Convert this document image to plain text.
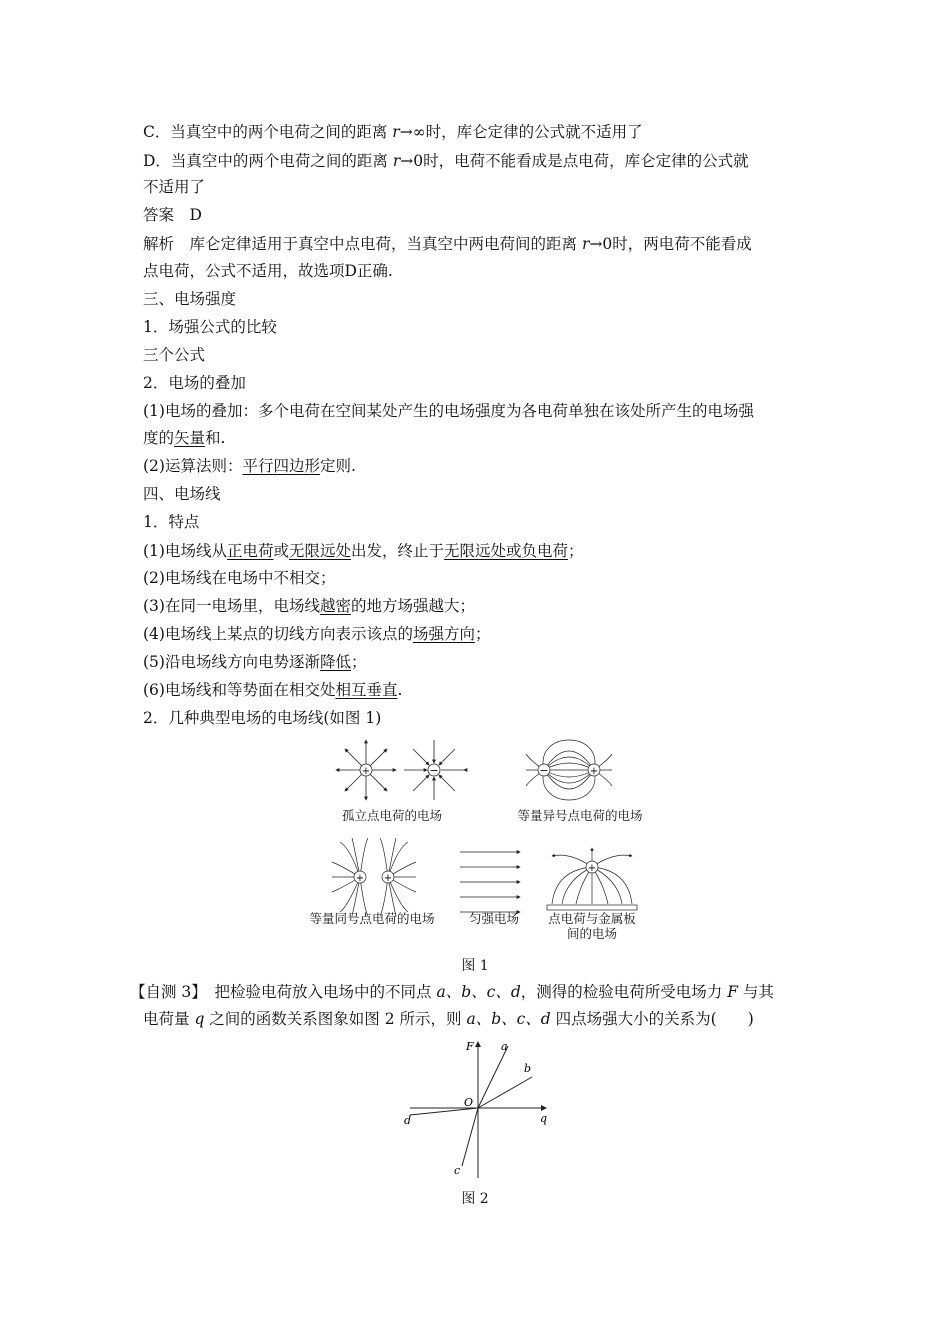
C．当真空中的两个电荷之间的距离 r→∞时，库仑定律的公式就不适用了
D．当真空中的两个电荷之间的距离 r→0时，电荷不能看成是点电荷，库仑定律的公式就
不适用了
答案　D
解析　库仑定律适用于真空中点电荷，当真空中两电荷间的距离 r→0时，两电荷不能看成
点电荷，公式不适用，故选项D正确.
三、电场强度
1．场强公式的比较
三个公式
2．电场的叠加
(1)电场的叠加：多个电荷在空间某处产生的电场强度为各电荷单独在该处所产生的电场强
度的矢量和.
(2)运算法则：平行四边形定则.
四、电场线
1．特点
(1)电场线从正电荷或无限远处出发，终止于无限远处或负电荷；
(2)电场线在电场中不相交；
(3)在同一电场里，电场线越密的地方场强越大；
(4)电场线上某点的切线方向表示该点的场强方向；
(5)沿电场线方向电势逐渐降低；
(6)电场线和等势面在相交处相互垂直.
2．几种典型电场的电场线(如图 1)
+	−	−	+
+ +
+
孤立点电荷的电场	等量异号点电荷的电场
等量同号点电荷的电场	匀强电场	点电荷与金属板
间的电场
图 1
【自测 3】　把检验电荷放入电场中的不同点 a、b、c、d，测得的检验电荷所受电场力 F 与其
电荷量 q 之间的函数关系图象如图 2 所示，则 a、b、c、d 四点场强大小的关系为(　　)
F
q
O
a
b
c
d
图 2
